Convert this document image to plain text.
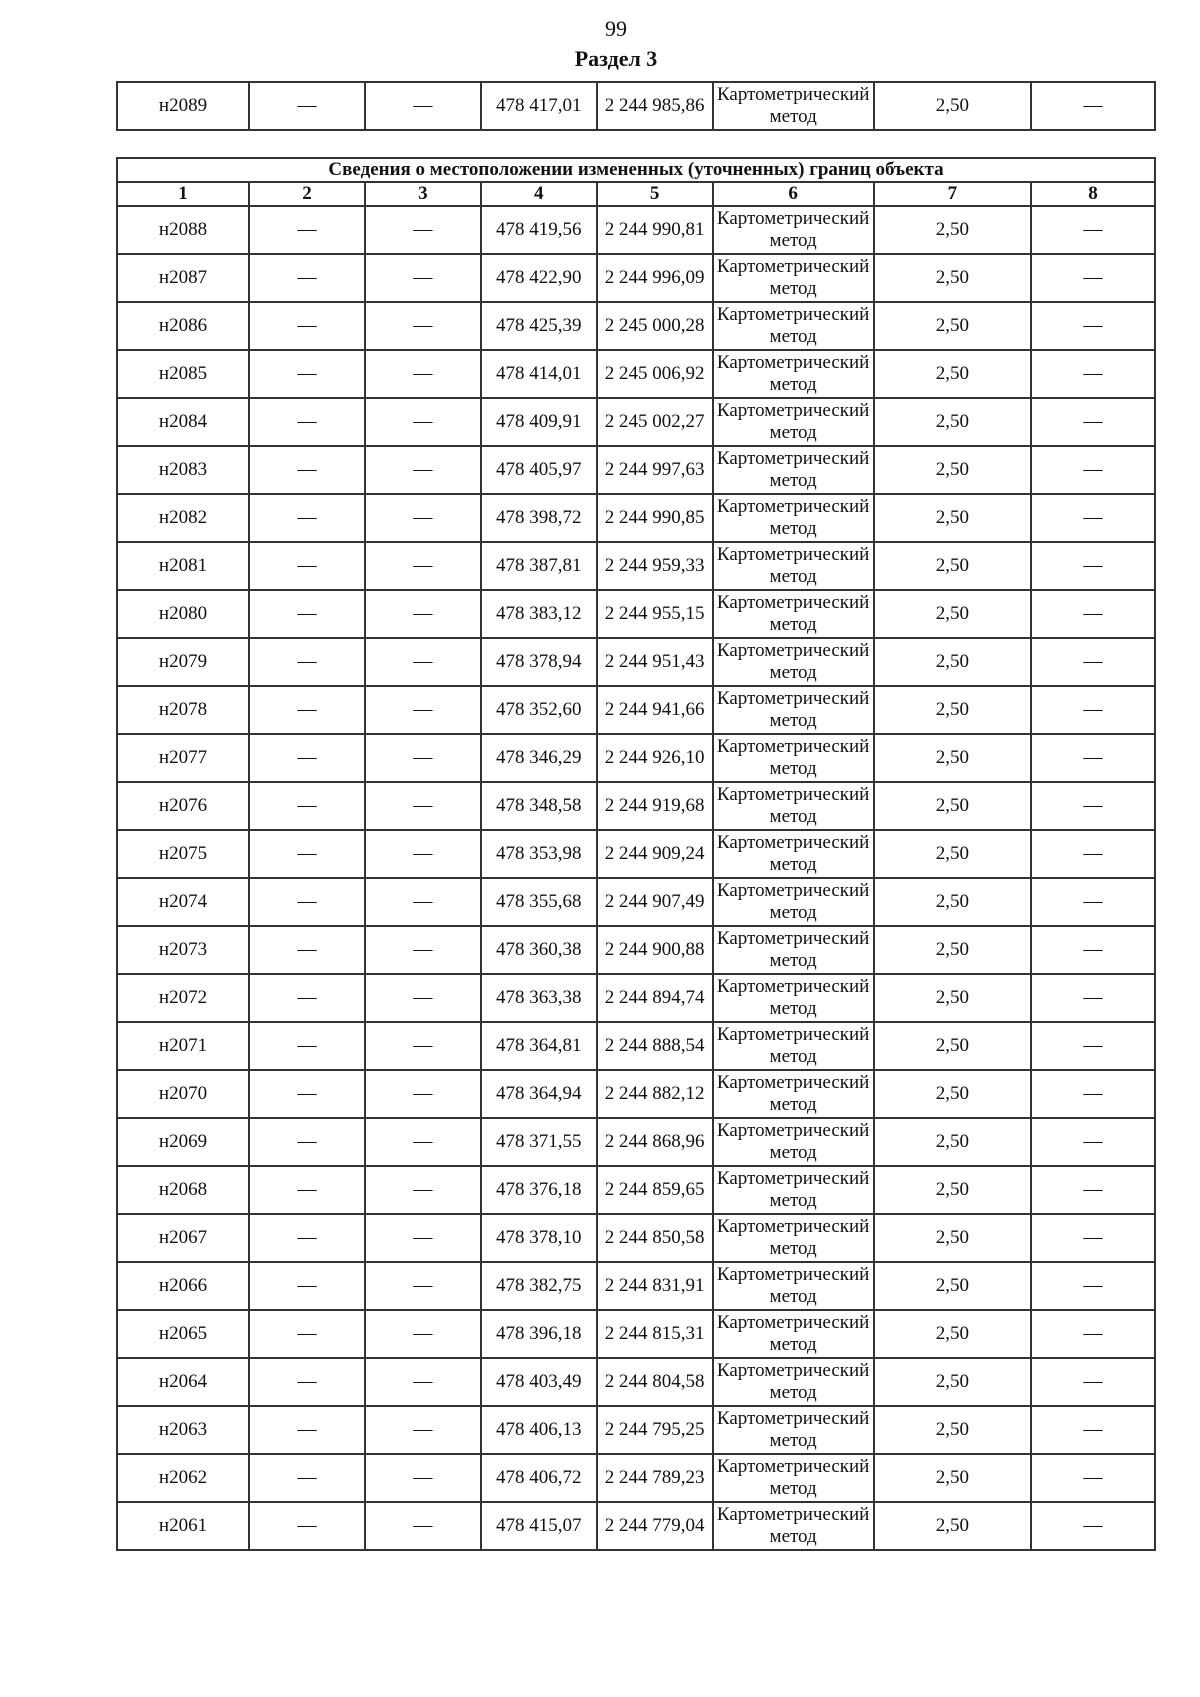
99
Раздел 3
н2089	—	—	478 417,01	2 244 985,86	Картометрический метод	2,50	—
Сведения о местоположении измененных (уточненных) границ объекта							
1	2	3	4	5	6	7	8
н2088	—	—	478 419,56	2 244 990,81	Картометрический метод	2,50	—
н2087	—	—	478 422,90	2 244 996,09	Картометрический метод	2,50	—
н2086	—	—	478 425,39	2 245 000,28	Картометрический метод	2,50	—
н2085	—	—	478 414,01	2 245 006,92	Картометрический метод	2,50	—
н2084	—	—	478 409,91	2 245 002,27	Картометрический метод	2,50	—
н2083	—	—	478 405,97	2 244 997,63	Картометрический метод	2,50	—
н2082	—	—	478 398,72	2 244 990,85	Картометрический метод	2,50	—
н2081	—	—	478 387,81	2 244 959,33	Картометрический метод	2,50	—
н2080	—	—	478 383,12	2 244 955,15	Картометрический метод	2,50	—
н2079	—	—	478 378,94	2 244 951,43	Картометрический метод	2,50	—
н2078	—	—	478 352,60	2 244 941,66	Картометрический метод	2,50	—
н2077	—	—	478 346,29	2 244 926,10	Картометрический метод	2,50	—
н2076	—	—	478 348,58	2 244 919,68	Картометрический метод	2,50	—
н2075	—	—	478 353,98	2 244 909,24	Картометрический метод	2,50	—
н2074	—	—	478 355,68	2 244 907,49	Картометрический метод	2,50	—
н2073	—	—	478 360,38	2 244 900,88	Картометрический метод	2,50	—
н2072	—	—	478 363,38	2 244 894,74	Картометрический метод	2,50	—
н2071	—	—	478 364,81	2 244 888,54	Картометрический метод	2,50	—
н2070	—	—	478 364,94	2 244 882,12	Картометрический метод	2,50	—
н2069	—	—	478 371,55	2 244 868,96	Картометрический метод	2,50	—
н2068	—	—	478 376,18	2 244 859,65	Картометрический метод	2,50	—
н2067	—	—	478 378,10	2 244 850,58	Картометрический метод	2,50	—
н2066	—	—	478 382,75	2 244 831,91	Картометрический метод	2,50	—
н2065	—	—	478 396,18	2 244 815,31	Картометрический метод	2,50	—
н2064	—	—	478 403,49	2 244 804,58	Картометрический метод	2,50	—
н2063	—	—	478 406,13	2 244 795,25	Картометрический метод	2,50	—
н2062	—	—	478 406,72	2 244 789,23	Картометрический метод	2,50	—
н2061	—	—	478 415,07	2 244 779,04	Картометрический метод	2,50	—
